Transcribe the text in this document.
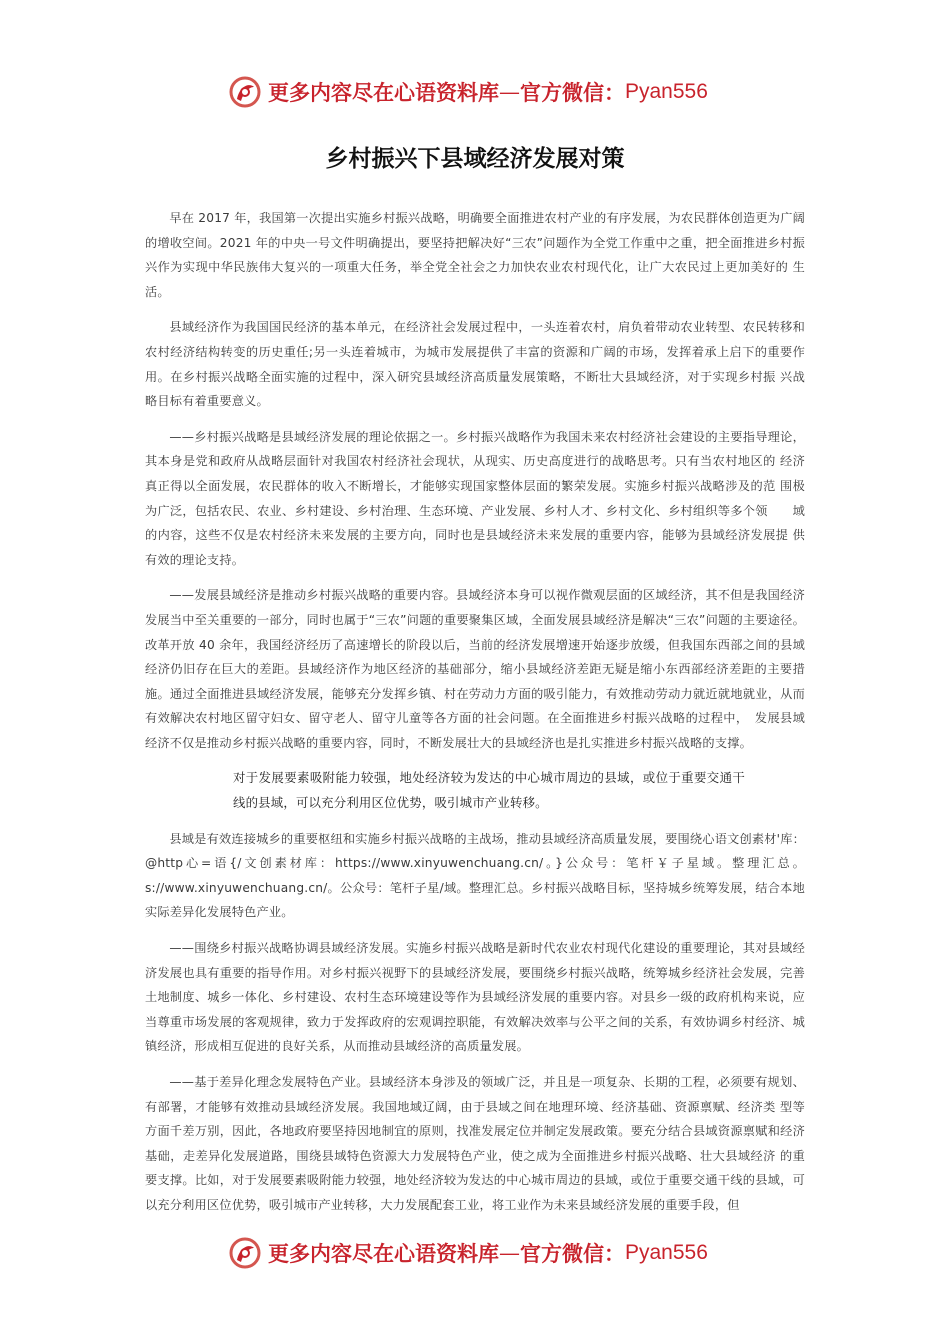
更多内容尽在心语资料库 — 官方微信： Pyan556
乡村振兴下县域经济发展对策

早在 2017 年，我国第一次提出实施乡村振兴战略，明确要全面推进农村产业的有序发展，为农民群体创造更为广阔的增收空间。2021 年的中央一号文件明确提出，要坚持把解决好“三农”问题作为全党工作重中之重，把全面推进乡村振兴作为实现中华民族伟大复兴的一项重大任务，举全党全社会之力加快农业农村现代化，让广大农民过上更加美好的 生活。

县域经济作为我国国民经济的基本单元，在经济社会发展过程中，一头连着农村，肩负着带动农业转型、农民转移和农村经济结构转变的历史重任;另一头连着城市，为城市发展提供了丰⁠富的资源和广阔的市场，发挥着承上启下的重要作用。在乡村振兴战略全面实施的过程中，深入研究县域经济高质量发展策略，不断壮大县域经济，对于实现乡村振 兴战略目标有着重要意义。

——乡村振兴战略是县域经济发展的理论依据之一。乡村振兴战略作为我国未来农村经济社会建设的主要指导理论，其本身是党和政府从战略层面针对我国农村经济社会现状，从现实、历史高度进行的战略思考。只有当农村地区的 经济真正得以全面发展，农民群体的收入不断增长，才能够实现国家整体层面的繁荣发展。实施乡村振兴战略涉及的范 围极为广泛，包括农民、农业、乡村建设、乡村治理、生态环境、产业发展、乡村人才、乡村文化、乡村组织等多个领　　域的内容，这些不仅是农村经济未来发展的主要方向，同时也是县域经济未来发展的重要内容，能够为县域经济发展提 供有效的理论支持。

——发展县域经济是推动乡村振兴战略的重要内容。县域经济本身可以视作微观层面的区域经济，其不但是我国经济发展当中至关重要的一部分，同时也属于“三农”问题的重要聚集区域，全面发展县域经济是解决“三农”问题的主要途径。改革开放 40 余年，我国经济经历了高速增长的阶段以后，当前的经济发展增速开始逐步放缓，但我国东西部之间的县域经济仍旧存在巨大的差距。县域经济作为地区经济的基础部分，缩小县域经济差距无疑是缩小东西部经济差距的主要措施。通过全面推进县域经济发展，能够充分发挥乡镇、村在劳动力方面的吸引能力，有效推动劳动力就近就地就业，从而有效解决农村地区留守妇女、留守老人、留守儿童等各方面的社会问题。在全面推进乡村振兴战略的过程中，　发展县域经济不仅是推动乡村振兴战略的重要内容，同时，不断发展壮大的县域经济也是扎实推进乡村振兴战略的支撑。

对于发展要素吸附能力较强，地处经济较为发达的中心城市周边的县域，或位于重要交通干线的县域，可以充分利用区位优势，吸引城市产业转移。

县域是有效连接城乡的重要枢纽和实施乡村振兴战略的主战场，推动县域经济高质量发展，要围绕心语文创素材'库：@http心=语{/文创素材库：https://www.xinyuwenchuang.cn/。}公众号：笔杆￥子星域。整理汇总。s://www.xinyuwenchuang.cn/。公众号：笔杆子星/域。整理汇总。乡村振兴战略目标，坚持城乡统筹发展，结合本地实际差异化发展特色产业。

——围绕乡村振兴战略协调县域经济发展。实施乡村振兴战略是新时代农业农村现代化建设的重要理论，其对县域经济发展也具有重要的指导作用。对乡村振兴视野下的县域经济发展，要围绕乡村振兴战略，统筹城乡经济社会发展，完善土地制度、城乡一体化、乡村建设、农村生态环境建设等作为县域经济发展的重要内容。对县乡一级的政府机构来说，应当尊重市场发展的客观规律，致力于发挥政府的宏观调控职能，有效解决效率与公平之间的关系，有效协调乡村经济、城镇经济，形成相互促进的良好关系，从而推动县域经济的高质量发展。

——基于差异化理念发展特色产业。县域经济本身涉及的领域广泛，并且是一项复杂、长期的工程，必须要有规划、有部署，才能够有效推动县域经济发展。我国地域辽阔，由于县域之间在地理环境、经济基础、资源禀赋、经济类 型等方面千差万别，因此，各地政府要坚持因地制宜的原则，找准发展定位并制定发展政策。要充分结合县域资源禀赋和经济基础，走差异化发展道路，围绕县域特色资源大力发展特色产业，使之成为全面推进乡村振兴战略、壮大县域经济 的重要支撑。比如，对于发展要素吸附能力较强，地处经济较为发达的中心城市周边的县域，或位于重要交通干线的县域，可以充分利用区位优势，吸引城市产业转移，大力发展配套工业，将工业作为未来县域经济发展的重要手段，但

更多内容尽在心语资料库 — 官方微信： Pyan556
